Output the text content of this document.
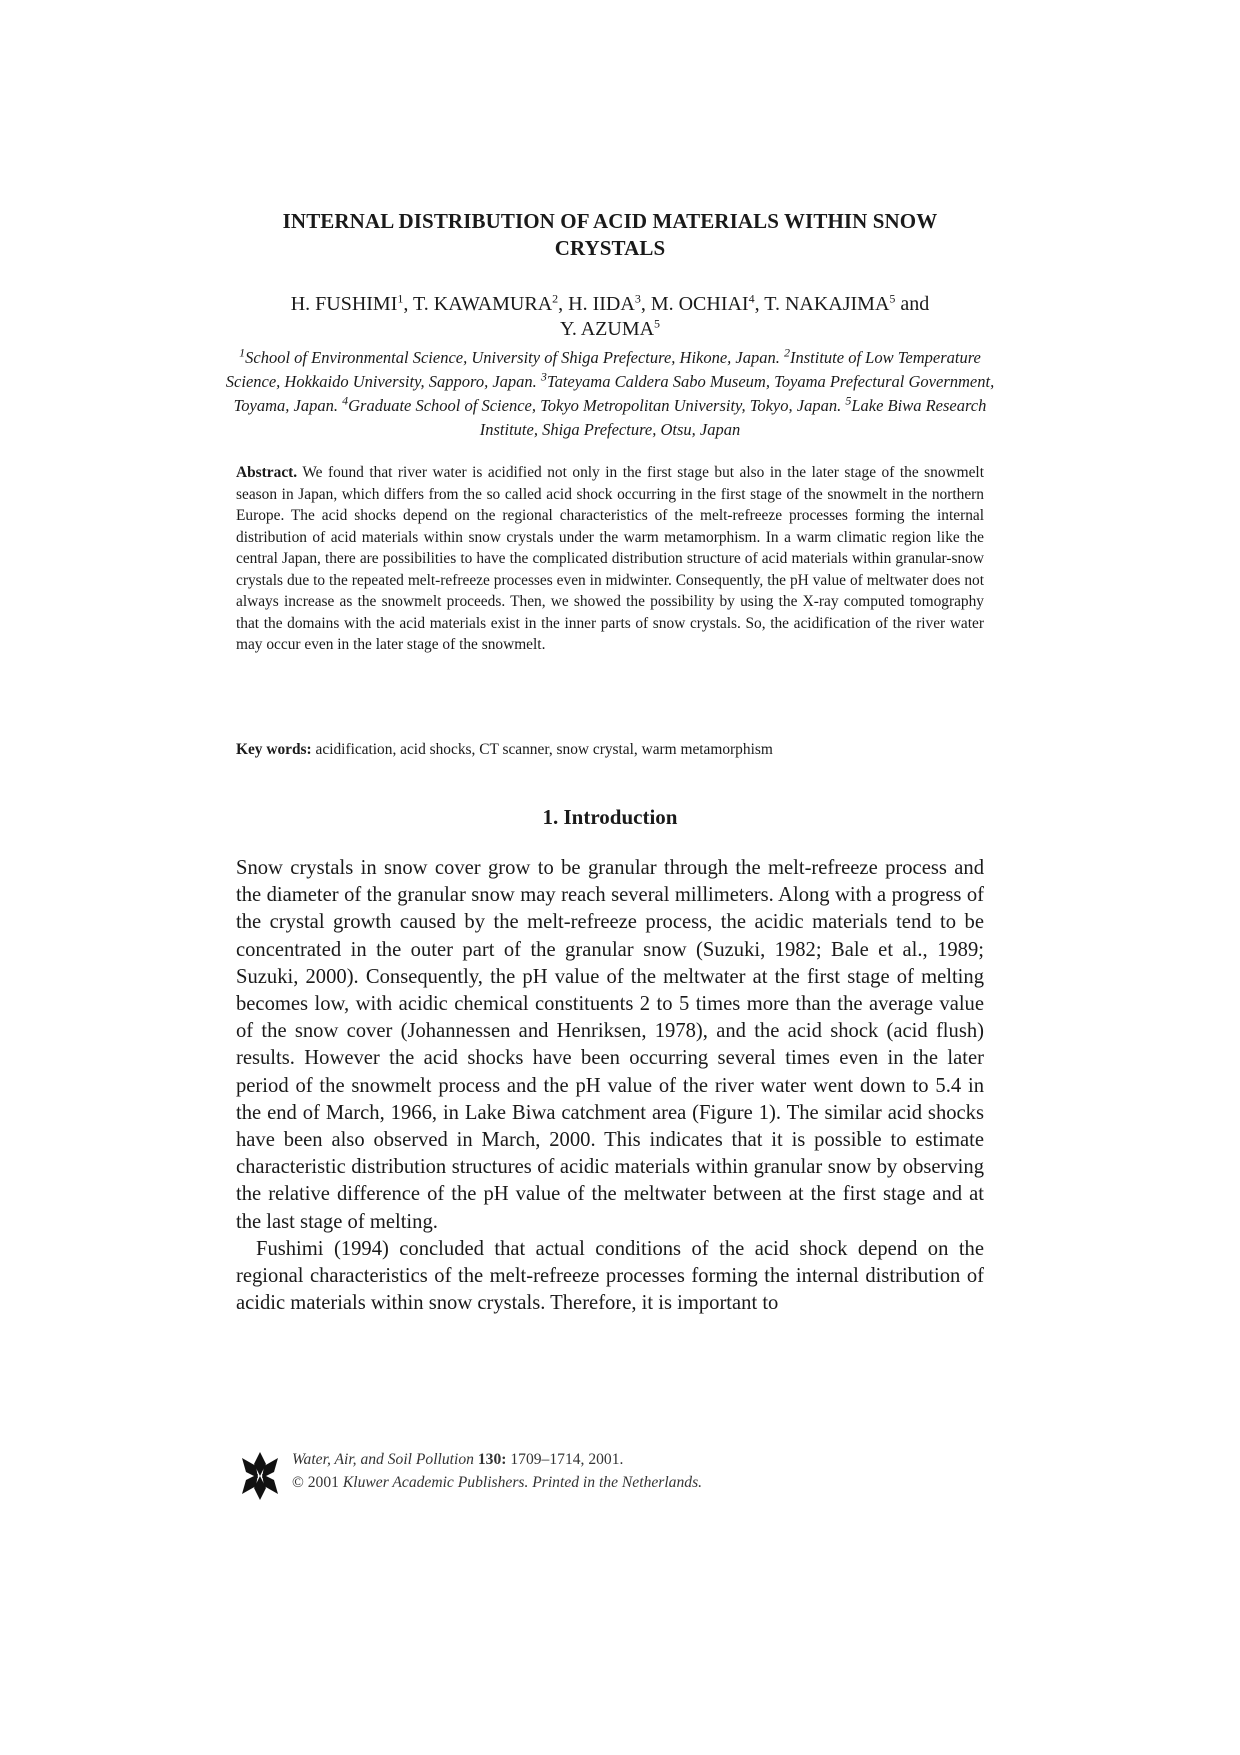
INTERNAL DISTRIBUTION OF ACID MATERIALS WITHIN SNOW
CRYSTALS
H. FUSHIMI$^1$, T. KAWAMURA$^2$, H. IIDA$^3$, M. OCHIAI$^4$, T. NAKAJIMA$^5$ and
Y. AZUMA$^5$
$^1$School of Environmental Science, University of Shiga Prefecture, Hikone, Japan. $^2$Institute of Low Temperature Science, Hokkaido University, Sapporo, Japan. $^3$Tateyama Caldera Sabo Museum, Toyama Prefectural Government, Toyama, Japan. $^4$Graduate School of Science, Tokyo Metropolitan University, Tokyo, Japan. $^5$Lake Biwa Research Institute, Shiga Prefecture, Otsu, Japan
Abstract. We found that river water is acidified not only in the first stage but also in the later stage of the snowmelt season in Japan, which differs from the so called acid shock occurring in the first stage of the snowmelt in the northern Europe. The acid shocks depend on the regional characteristics of the melt-refreeze processes forming the internal distribution of acid materials within snow crystals under the warm metamorphism. In a warm climatic region like the central Japan, there are possibilities to have the complicated distribution structure of acid materials within granular-snow crystals due to the repeated melt-refreeze processes even in midwinter. Consequently, the pH value of meltwater does not always increase as the snowmelt proceeds. Then, we showed the possibility by using the X-ray computed tomography that the domains with the acid materials exist in the inner parts of snow crystals. So, the acidification of the river water may occur even in the later stage of the snowmelt.
Key words: acidification, acid shocks, CT scanner, snow crystal, warm metamorphism
1. Introduction

Snow crystals in snow cover grow to be granular through the melt-refreeze process and the diameter of the granular snow may reach several millimeters. Along with a progress of the crystal growth caused by the melt-refreeze process, the acidic materials tend to be concentrated in the outer part of the granular snow (Suzuki, 1982; Bale et al., 1989; Suzuki, 2000). Consequently, the pH value of the meltwater at the first stage of melting becomes low, with acidic chemical constituents 2 to 5 times more than the average value of the snow cover (Johannessen and Henriksen, 1978), and the acid shock (acid flush) results. However the acid shocks have been occurring several times even in the later period of the snowmelt process and the pH value of the river water went down to 5.4 in the end of March, 1966, in Lake Biwa catchment area (Figure 1). The similar acid shocks have been also observed in March, 2000. This indicates that it is possible to estimate characteristic distribution structures of acidic materials within granular snow by observing the relative difference of the pH value of the meltwater between at the first stage and at the last stage of melting.

Fushimi (1994) concluded that actual conditions of the acid shock depend on the regional characteristics of the melt-refreeze processes forming the internal distribution of acidic materials within snow crystals. Therefore, it is important to

Water, Air, and Soil Pollution 130: 1709–1714, 2001.
© 2001 Kluwer Academic Publishers. Printed in the Netherlands.
